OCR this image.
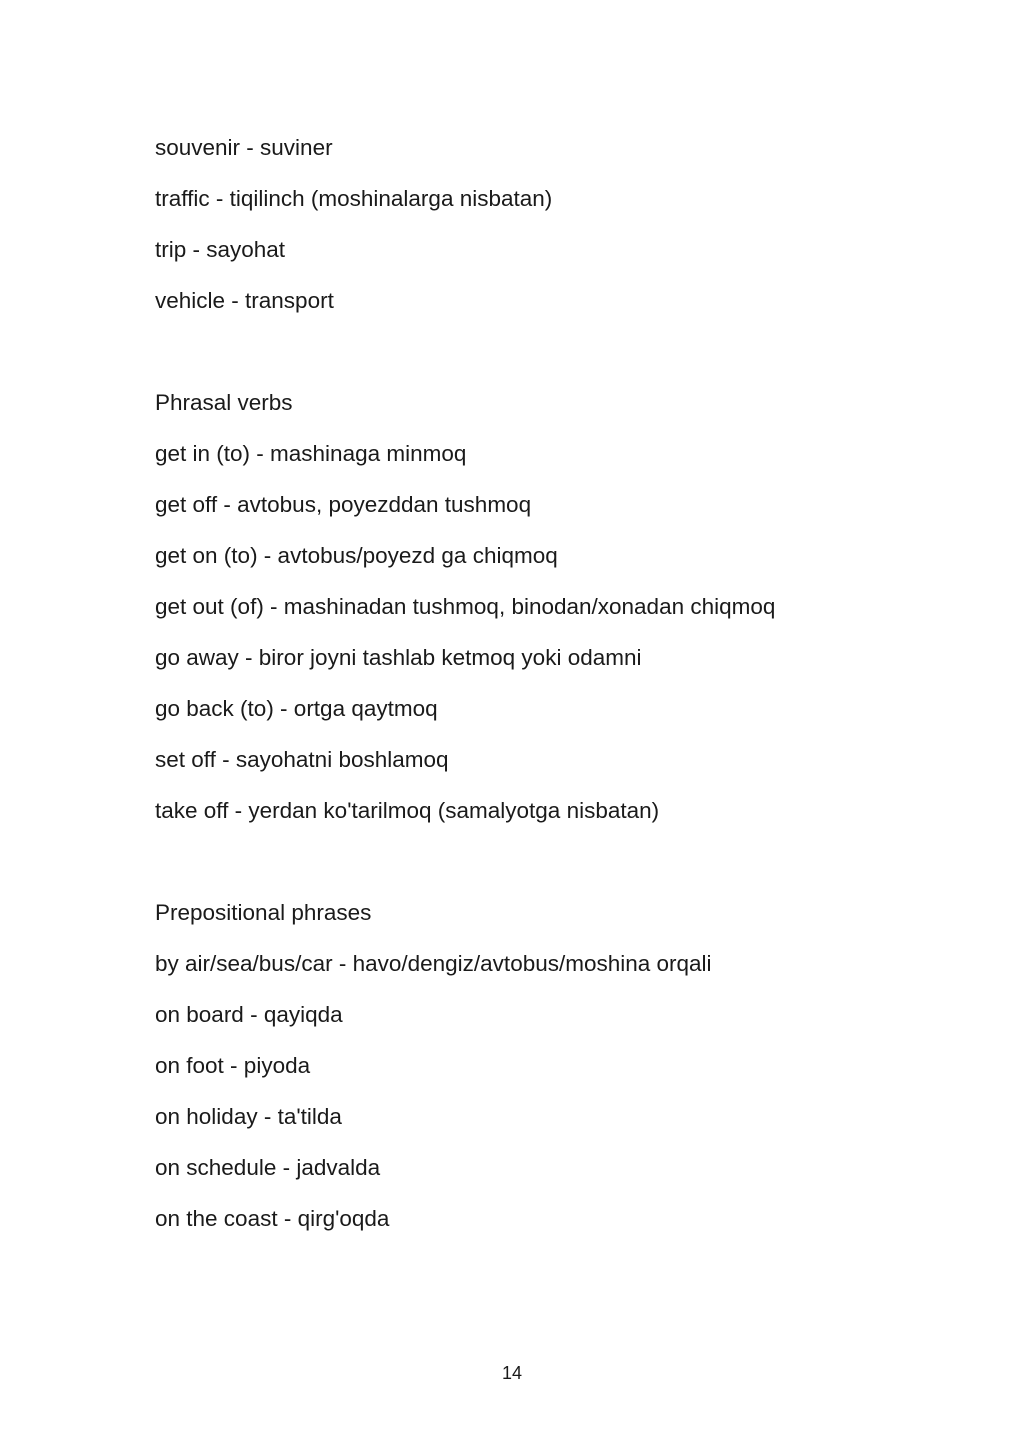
souvenir - suviner
traffic - tiqilinch (moshinalarga nisbatan)
trip - sayohat
vehicle - transport
Phrasal verbs
get in (to) - mashinaga minmoq
get off - avtobus, poyezddan tushmoq
get on (to) - avtobus/poyezd ga chiqmoq
get out (of) - mashinadan tushmoq, binodan/xonadan chiqmoq
go away - biror joyni tashlab ketmoq yoki odamni
go back (to) - ortga qaytmoq
set off - sayohatni boshlamoq
take off - yerdan ko'tarilmoq (samalyotga nisbatan)
Prepositional phrases
by air/sea/bus/car - havo/dengiz/avtobus/moshina orqali
on board - qayiqda
on foot - piyoda
on holiday - ta'tilda
on schedule - jadvalda
on the coast - qirg'oqda
14
